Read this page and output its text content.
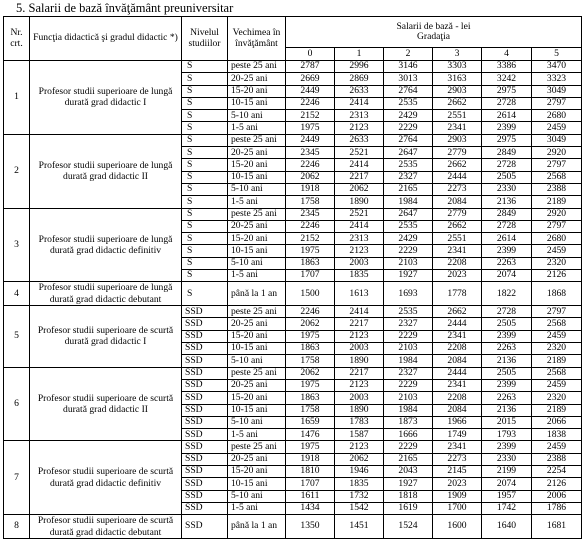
5. Salarii de bază învăţământ preuniversitar
Nr. crt.	Funcţia didactică şi gradul didactic *)	Nivelul studiilor	Vechimea în învăţământ	Salarii de bază - lei
Gradaţia					

				0	1	2	3	4	5
1	Profesor studii superioare de lungă durată grad didactic I	S	peste 25 ani	2787	2996	3146	3303	3386	3470
		S	20-25 ani	2669	2869	3013	3163	3242	3323
		S	15-20 ani	2449	2633	2764	2903	2975	3049
		S	10-15 ani	2246	2414	2535	2662	2728	2797
		S	5-10 ani	2152	2313	2429	2551	2614	2680
		S	1-5 ani	1975	2123	2229	2341	2399	2459
2	Profesor studii superioare de lungă durată grad didactic II	S	peste 25 ani	2449	2633	2764	2903	2975	3049
		S	20-25 ani	2345	2521	2647	2779	2849	2920
		S	15-20 ani	2246	2414	2535	2662	2728	2797
		S	10-15 ani	2062	2217	2327	2444	2505	2568
		S	5-10 ani	1918	2062	2165	2273	2330	2388
		S	1-5 ani	1758	1890	1984	2084	2136	2189
3	Profesor studii superioare de lungă durată grad didactic definitiv	S	peste 25 ani	2345	2521	2647	2779	2849	2920
		S	20-25 ani	2246	2414	2535	2662	2728	2797
		S	15-20 ani	2152	2313	2429	2551	2614	2680
		S	10-15 ani	1975	2123	2229	2341	2399	2459
		S	5-10 ani	1863	2003	2103	2208	2263	2320
		S	1-5 ani	1707	1835	1927	2023	2074	2126
4	Profesor studii superioare de lungă durată grad didactic debutant	S	până la 1 an	1500	1613	1693	1778	1822	1868
5	Profesor studii superioare de scurtă durată grad didactic I	SSD	peste 25 ani	2246	2414	2535	2662	2728	2797
		SSD	20-25 ani	2062	2217	2327	2444	2505	2568
		SSD	15-20 ani	1975	2123	2229	2341	2399	2459
		SSD	10-15 ani	1863	2003	2103	2208	2263	2320
		SSD	5-10 ani	1758	1890	1984	2084	2136	2189
6	Profesor studii superioare de scurtă durată grad didactic II	SSD	peste 25 ani	2062	2217	2327	2444	2505	2568
		SSD	20-25 ani	1975	2123	2229	2341	2399	2459
		SSD	15-20 ani	1863	2003	2103	2208	2263	2320
		SSD	10-15 ani	1758	1890	1984	2084	2136	2189
		SSD	5-10 ani	1659	1783	1873	1966	2015	2066
		SSD	1-5 ani	1476	1587	1666	1749	1793	1838
7	Profesor studii superioare de scurtă durată grad didactic definitiv	SSD	peste 25 ani	1975	2123	2229	2341	2399	2459
		SSD	20-25 ani	1918	2062	2165	2273	2330	2388
		SSD	15-20 ani	1810	1946	2043	2145	2199	2254
		SSD	10-15 ani	1707	1835	1927	2023	2074	2126
		SSD	5-10 ani	1611	1732	1818	1909	1957	2006
		SSD	1-5 ani	1434	1542	1619	1700	1742	1786
8	Profesor studii superioare de scurtă durată grad didactic debutant	SSD	până la 1 an	1350	1451	1524	1600	1640	1681
